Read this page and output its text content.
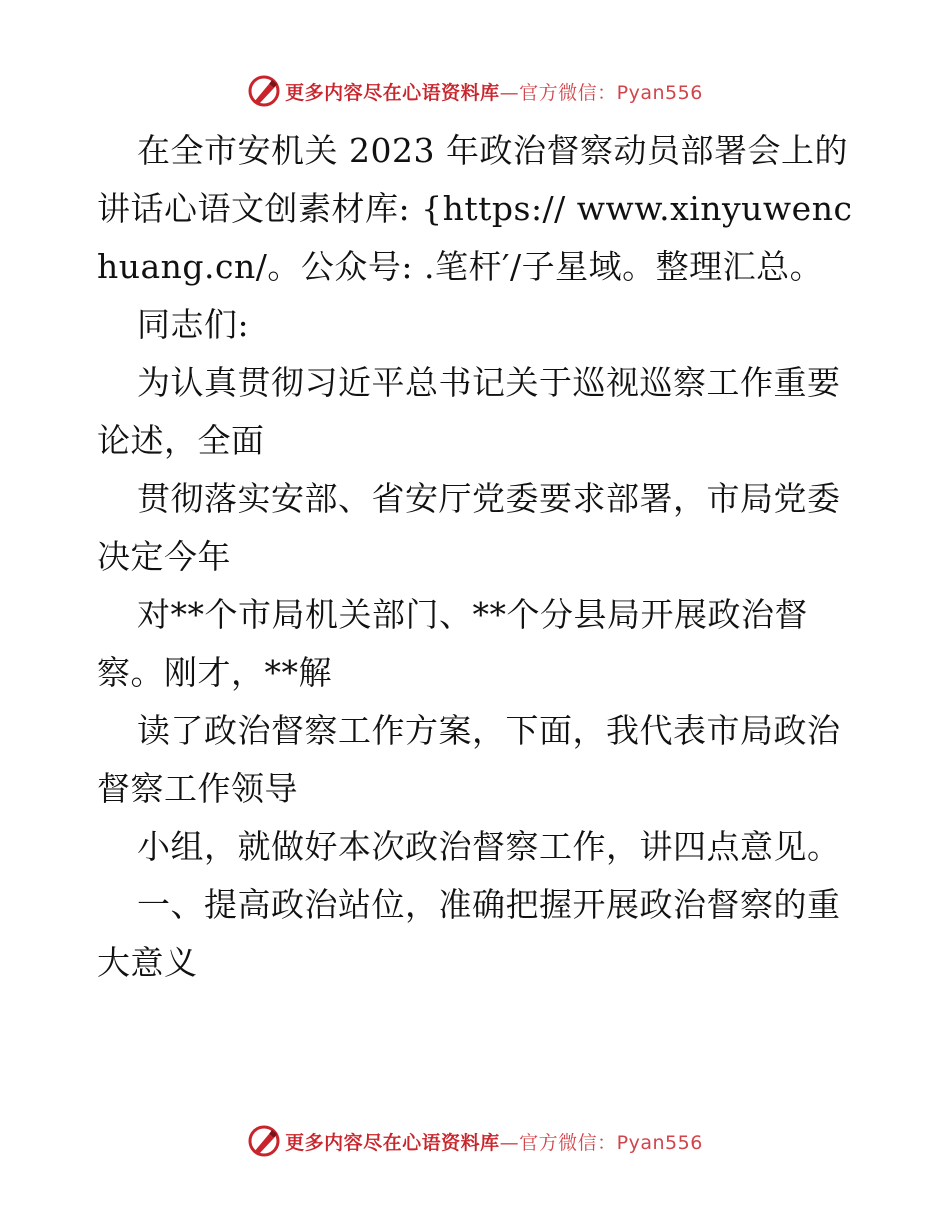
更多内容尽在心语资料库 —官方微信：Pyan556

在全市安机关 2023 年政治督察动员部署会上的讲话心语文创素材库: {https:// www.xinyuwenchuang.cn/。公众号: .笔杆′/子星域。整理汇总。

同志们:

为认真贯彻习近平总书记关于巡视巡察工作重要论述，全面

贯彻落实安部、省安厅党委要求部署，市局党委决定今年

对**个市局机关部门、**个分县局开展政治督察。刚才，**解

读了政治督察工作方案，下面，我代表市局政治督察工作领导

小组，就做好本次政治督察工作，讲四点意见。

一、提高政治站位，准确把握开展政治督察的重大意义

更多内容尽在心语资料库 —官方微信：Pyan556
